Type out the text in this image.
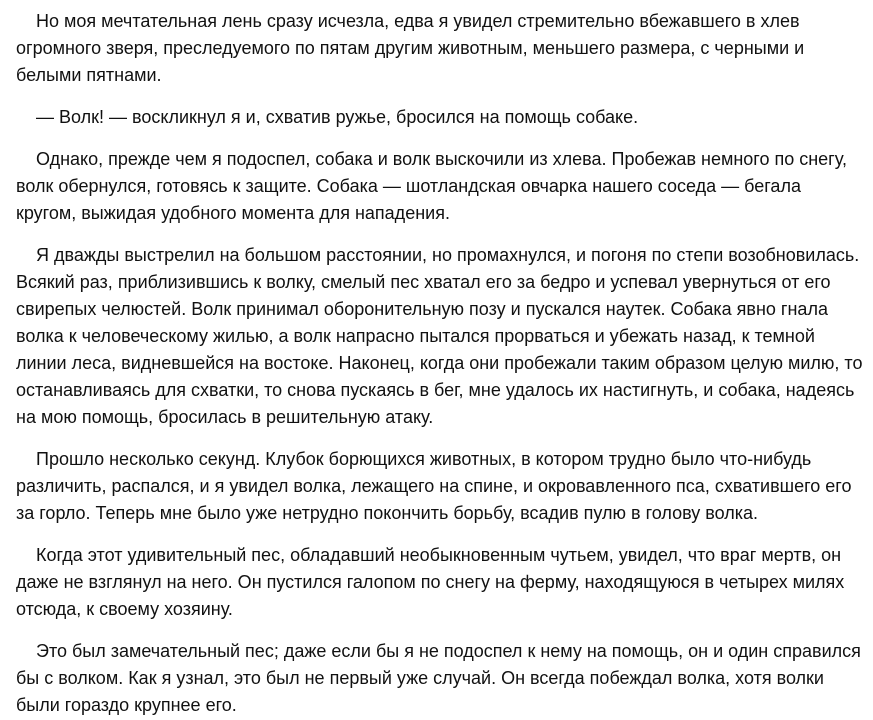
Но моя мечтательная лень сразу исчезла, едва я увидел стремительно вбежавшего в хлев огромного зверя, преследуемого по пятам другим животным, меньшего размера, с черными и белыми пятнами.

— Волк! — воскликнул я и, схватив ружье, бросился на помощь собаке.

Однако, прежде чем я подоспел, собака и волк выскочили из хлева. Пробежав немного по снегу, волк обернулся, готовясь к защите. Собака — шотландская овчарка нашего соседа — бегала кругом, выжидая удобного момента для нападения.

Я дважды выстрелил на большом расстоянии, но промахнулся, и погоня по степи возобновилась. Всякий раз, приблизившись к волку, смелый пес хватал его за бедро и успевал увернуться от его свирепых челюстей. Волк принимал оборонительную позу и пускался наутек. Собака явно гнала волка к человеческому жилью, а волк напрасно пытался прорваться и убежать назад, к темной линии леса, видневшейся на востоке. Наконец, когда они пробежали таким образом целую милю, то останавливаясь для схватки, то снова пускаясь в бег, мне удалось их настигнуть, и собака, надеясь на мою помощь, бросилась в решительную атаку.

Прошло несколько секунд. Клубок борющихся животных, в котором трудно было что-нибудь различить, распался, и я увидел волка, лежащего на спине, и окровавленного пса, схватившего его за горло. Теперь мне было уже нетрудно покончить борьбу, всадив пулю в голову волка.

Когда этот удивительный пес, обладавший необыкновенным чутьем, увидел, что враг мертв, он даже не взглянул на него. Он пустился галопом по снегу на ферму, находящуюся в четырех милях отсюда, к своему хозяину.

Это был замечательный пес; даже если бы я не подоспел к нему на помощь, он и один справился бы с волком. Как я узнал, это был не первый уже случай. Он всегда побеждал волка, хотя волки были гораздо крупнее его.
